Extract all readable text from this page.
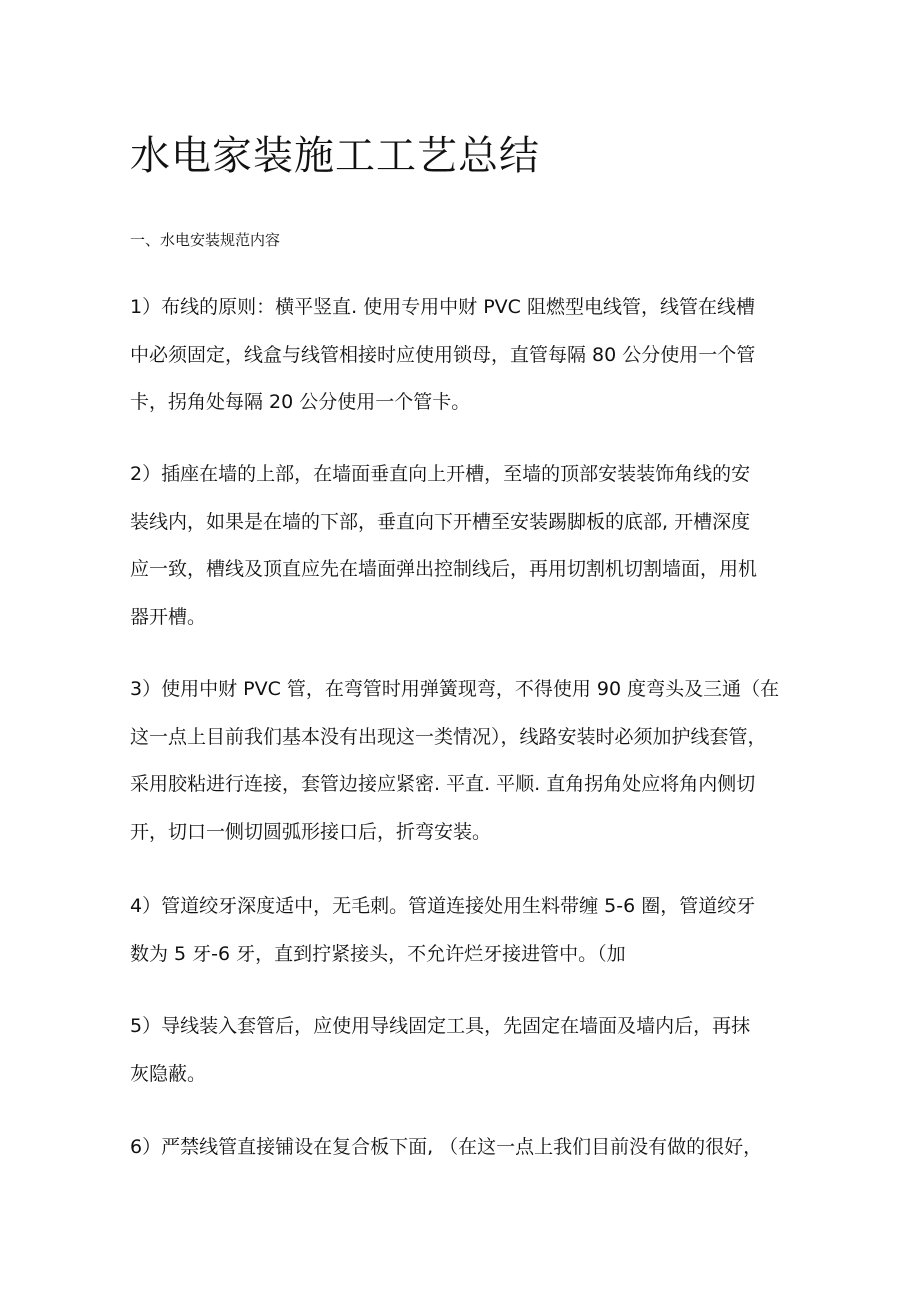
水电家装施工工艺总结
一、水电安装规范内容

1）布线的原则：横平竖直. 使用专用中财 PVC 阻燃型电线管，线管在线槽
中必须固定，线盒与线管相接时应使用锁母，直管每隔 80 公分使用一个管
卡，拐角处每隔 20 公分使用一个管卡。

2）插座在墙的上部，在墙面垂直向上开槽，至墙的顶部安装装饰角线的安
装线内，如果是在墙的下部，垂直向下开槽至安装踢脚板的底部, 开槽深度
应一致，槽线及顶直应先在墙面弹出控制线后，再用切割机切割墙面，用机
器开槽。

3）使用中财 PVC 管，在弯管时用弹簧现弯，不得使用 90 度弯头及三通（在
这一点上目前我们基本没有出现这一类情况），线路安装时必须加护线套管，
采用胶粘进行连接，套管边接应紧密. 平直. 平顺. 直角拐角处应将角内侧切
开，切口一侧切圆弧形接口后，折弯安装。

4）管道绞牙深度适中，无毛刺。管道连接处用生料带缠 5-6 圈，管道绞牙
数为 5 牙-6 牙，直到拧紧接头，不允许烂牙接进管中。（加

5）导线装入套管后，应使用导线固定工具，先固定在墙面及墙内后，再抹
灰隐蔽。

6）严禁线管直接铺设在复合板下面, （在这一点上我们目前没有做的很好，
